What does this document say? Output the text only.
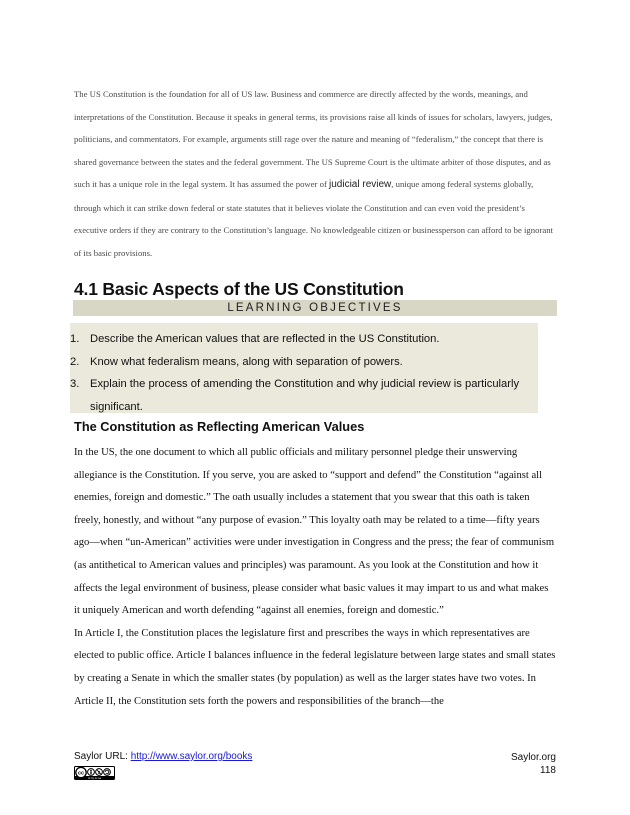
The US Constitution is the foundation for all of US law. Business and commerce are directly affected by the words, meanings, and interpretations of the Constitution. Because it speaks in general terms, its provisions raise all kinds of issues for scholars, lawyers, judges, politicians, and commentators. For example, arguments still rage over the nature and meaning of “federalism,” the concept that there is shared governance between the states and the federal government. The US Supreme Court is the ultimate arbiter of those disputes, and as such it has a unique role in the legal system. It has assumed the power of judicial review, unique among federal systems globally, through which it can strike down federal or state statutes that it believes violate the Constitution and can even void the president’s executive orders if they are contrary to the Constitution’s language. No knowledgeable citizen or businessperson can afford to be ignorant of its basic provisions.

4.1 Basic Aspects of the US Constitution
LEARNING OBJECTIVES
1. Describe the American values that are reflected in the US Constitution.
2. Know what federalism means, along with separation of powers.
3. Explain the process of amending the Constitution and why judicial review is particularly significant.
The Constitution as Reflecting American Values

In the US, the one document to which all public officials and military personnel pledge their unswerving allegiance is the Constitution. If you serve, you are asked to “support and defend” the Constitution “against all enemies, foreign and domestic.” The oath usually includes a statement that you swear that this oath is taken freely, honestly, and without “any purpose of evasion.” This loyalty oath may be related to a time—fifty years ago—when “un-American” activities were under investigation in Congress and the press; the fear of communism (as antithetical to American values and principles) was paramount. As you look at the Constitution and how it affects the legal environment of business, please consider what basic values it may impart to us and what makes it uniquely American and worth defending “against all enemies, foreign and domestic.”

In Article I, the Constitution places the legislature first and prescribes the ways in which representatives are elected to public office. Article I balances influence in the federal legislature between large states and small states by creating a Senate in which the smaller states (by population) as well as the larger states have two votes. In Article II, the Constitution sets forth the powers and responsibilities of the branch—the

Saylor URL: http://www.saylor.org/books
cc
cc by nc sa
Saylor.org
118
